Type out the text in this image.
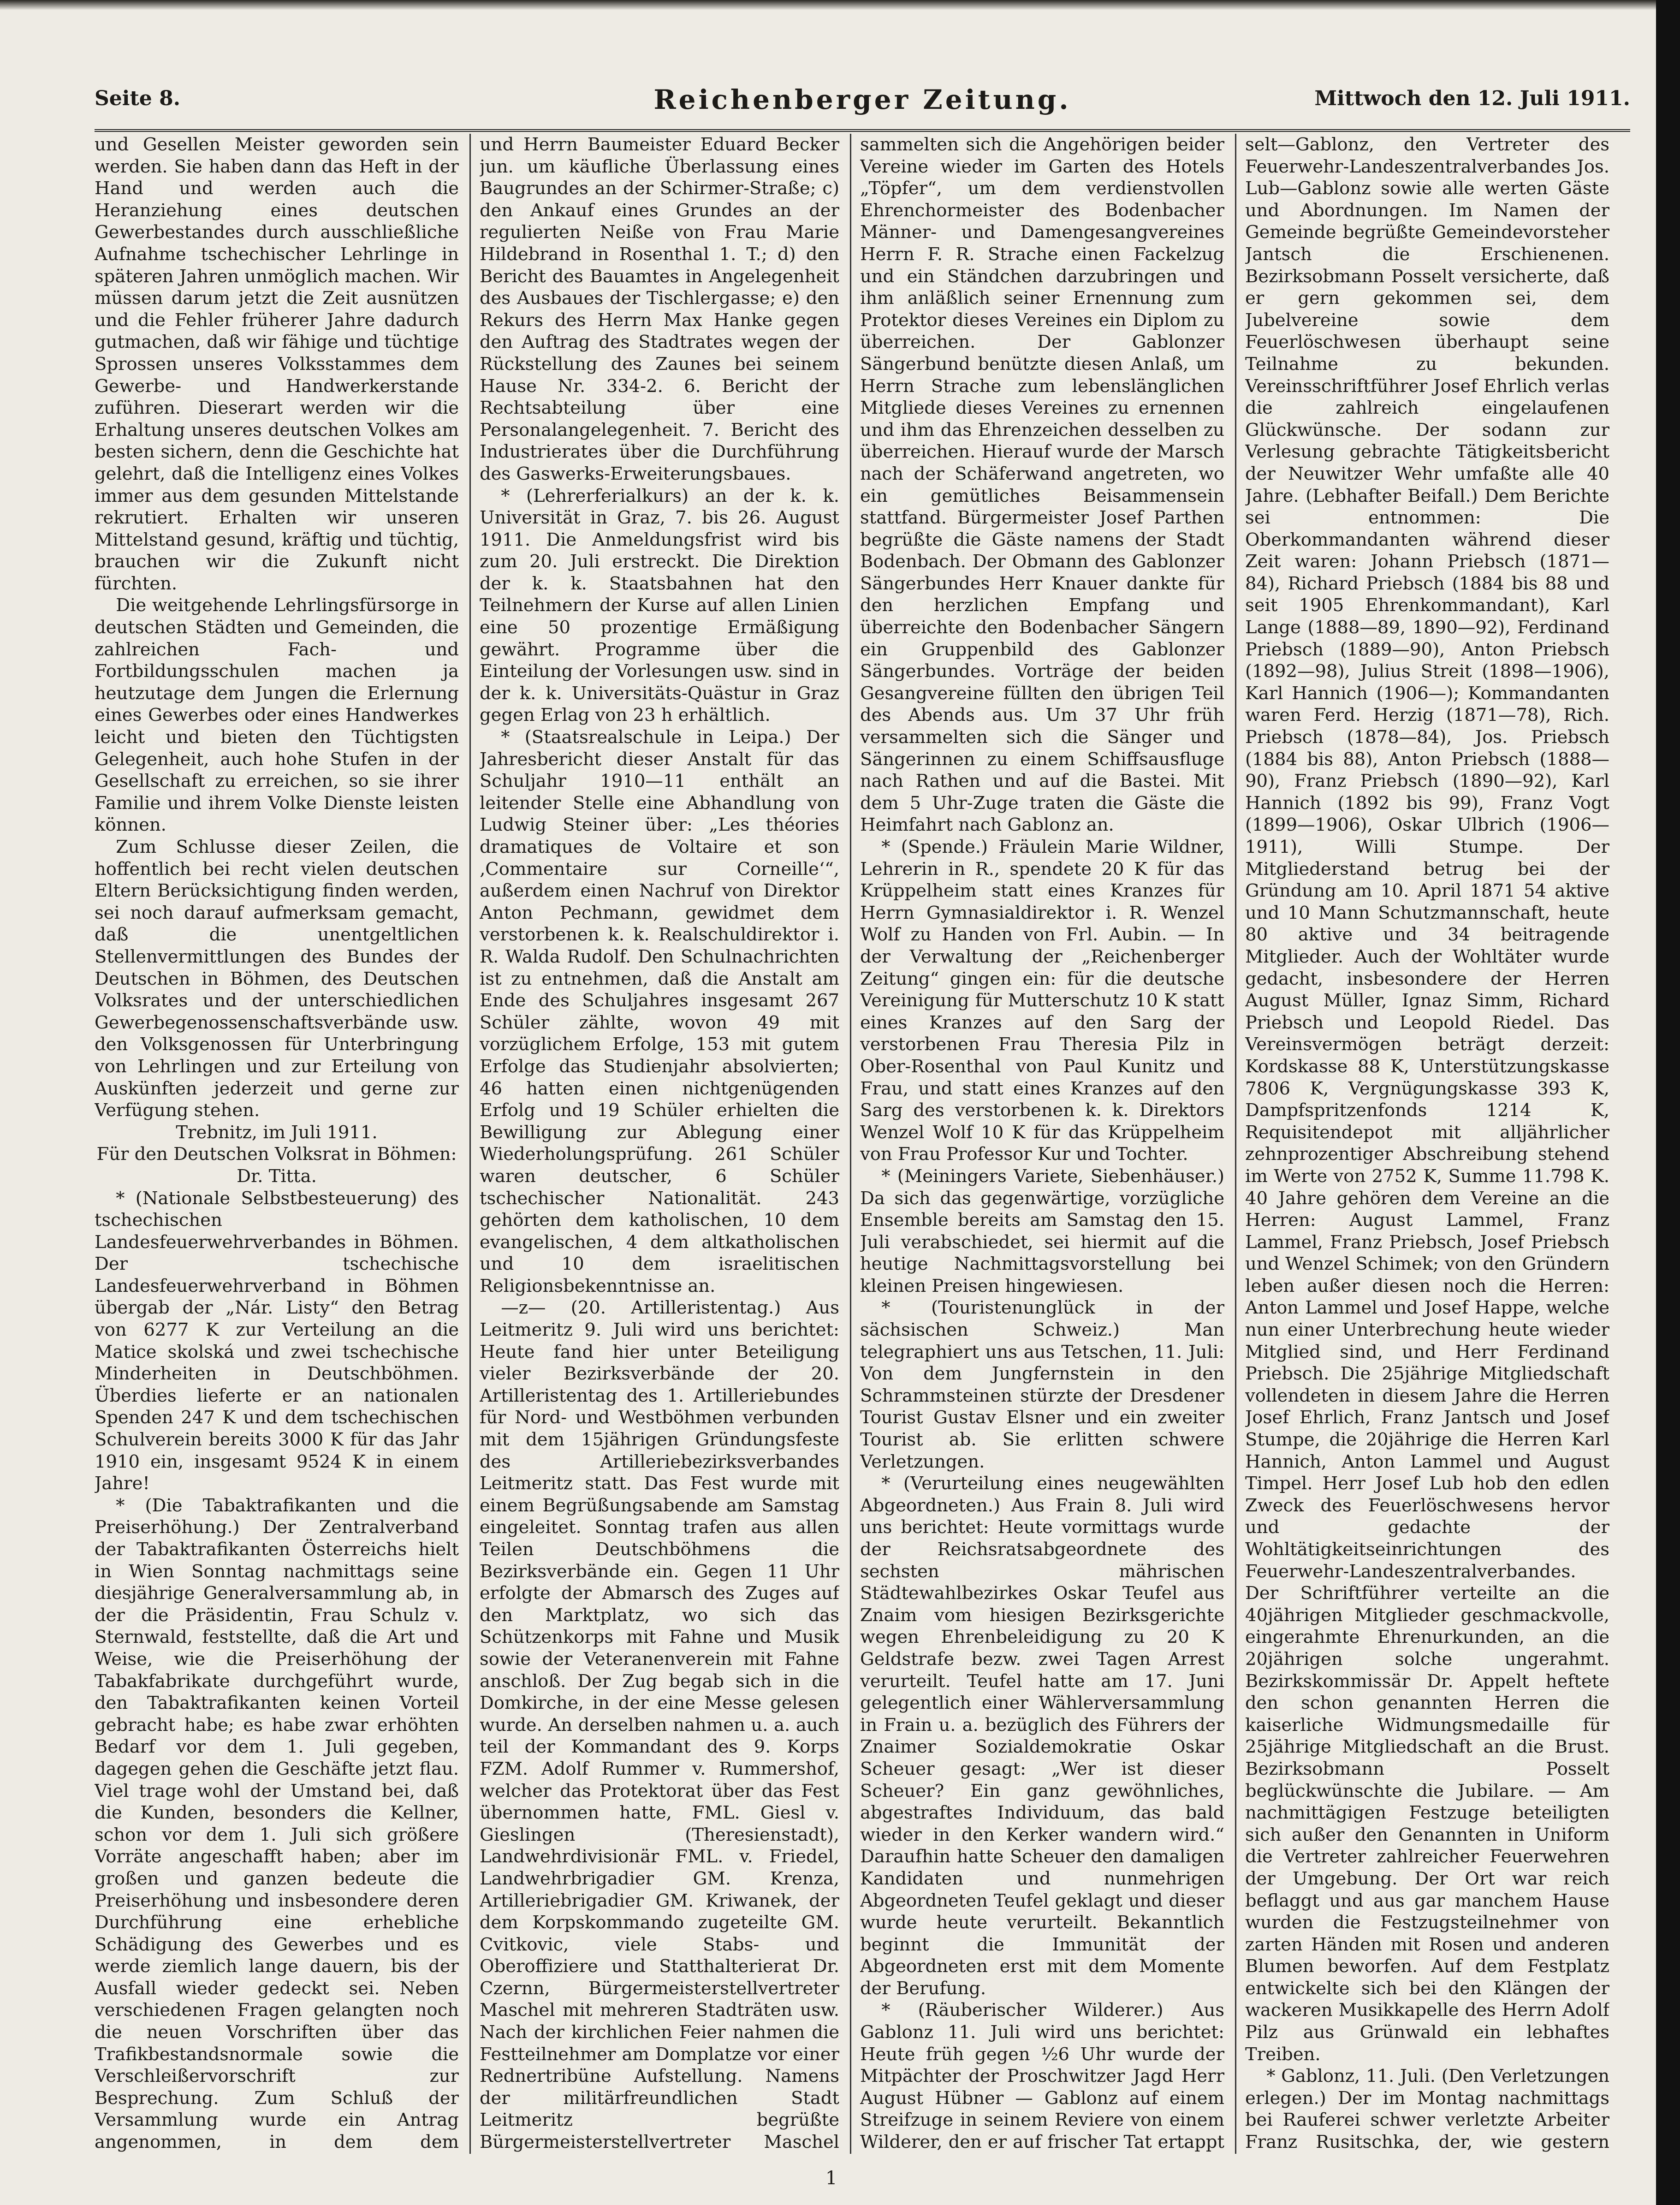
Seite 8.	Reichenberger Zeitung.	Mittwoch den 12. Juli 1911.

und Gesellen Meister geworden sein werden. Sie haben dann das Heft in der Hand und werden auch die Heranziehung eines deutschen Gewerbestandes durch ausschließliche Aufnahme tschechischer Lehrlinge in späteren Jahren unmöglich machen. Wir müssen darum jetzt die Zeit ausnützen und die Fehler früherer Jahre dadurch gutmachen, daß wir fähige und tüchtige Sprossen unseres Volksstammes dem Gewerbe- und Handwerkerstande zuführen. Dieserart werden wir die Erhaltung unseres deutschen Volkes am besten sichern, denn die Geschichte hat gelehrt, daß die Intelligenz eines Volkes immer aus dem gesunden Mittelstande rekrutiert. Erhalten wir unseren Mittelstand gesund, kräftig und tüchtig, brauchen wir die Zukunft nicht fürchten.

Die weitgehende Lehrlingsfürsorge in deutschen Städten und Gemeinden, die zahlreichen Fach- und Fortbildungsschulen machen ja heutzutage dem Jungen die Erlernung eines Gewerbes oder eines Handwerkes leicht und bieten den Tüchtigsten Gelegenheit, auch hohe Stufen in der Gesellschaft zu erreichen, so sie ihrer Familie und ihrem Volke Dienste leisten können.

Zum Schlusse dieser Zeilen, die hoffentlich bei recht vielen deutschen Eltern Berücksichtigung finden werden, sei noch darauf aufmerksam gemacht, daß die unentgeltlichen Stellenvermittlungen des Bundes der Deutschen in Böhmen, des Deutschen Volksrates und der unterschiedlichen Gewerbegenossenschaftsverbände usw. den Volksgenossen für Unterbringung von Lehrlingen und zur Erteilung von Auskünften jederzeit und gerne zur Verfügung stehen.

Trebnitz, im Juli 1911.

Für den Deutschen Volksrat in Böhmen: Dr. Titta.

* (Nationale Selbstbesteuerung) des tschechischen Landesfeuerwehrverbandes in Böhmen. Der tschechische Landesfeuerwehrverband in Böhmen übergab der „Nár. Listy“ den Betrag von 6277 K zur Verteilung an die Matice skolská und zwei tschechische Minderheiten in Deutschböhmen. Überdies lieferte er an nationalen Spenden 247 K und dem tschechischen Schulverein bereits 3000 K für das Jahr 1910 ein, insgesamt 9524 K in einem Jahre!

* (Die Tabaktrafikanten und die Preiserhöhung.) Der Zentralverband der Tabaktrafikanten Österreichs hielt in Wien Sonntag nachmittags seine diesjährige Generalversammlung ab, in der die Präsidentin, Frau Schulz v. Sternwald, feststellte, daß die Art und Weise, wie die Preiserhöhung der Tabakfabrikate durchgeführt wurde, den Tabaktrafikanten keinen Vorteil gebracht habe; es habe zwar erhöhten Bedarf vor dem 1. Juli gegeben, dagegen gehen die Geschäfte jetzt flau. Viel trage wohl der Umstand bei, daß die Kunden, besonders die Kellner, schon vor dem 1. Juli sich größere Vorräte angeschafft haben; aber im großen und ganzen bedeute die Preiserhöhung und insbesondere deren Durchführung eine erhebliche Schädigung des Gewerbes und es werde ziemlich lange dauern, bis der Ausfall wieder gedeckt sei. Neben verschiedenen Fragen gelangten noch die neuen Vorschriften über das Trafikbestandsnormale sowie die Verschleißervorschrift zur Besprechung. Zum Schluß der Versammlung wurde ein Antrag angenommen, in dem dem

und Herrn Baumeister Eduard Becker jun. um käufliche Überlassung eines Baugrundes an der Schirmer-Straße; c) den Ankauf eines Grundes an der regulierten Neiße von Frau Marie Hildebrand in Rosenthal 1. T.; d) den Bericht des Bauamtes in Angelegenheit des Ausbaues der Tischlergasse; e) den Rekurs des Herrn Max Hanke gegen den Auftrag des Stadtrates wegen der Rückstellung des Zaunes bei seinem Hause Nr. 334-2. 6. Bericht der Rechtsabteilung über eine Personalangelegenheit. 7. Bericht des Industrierates über die Durchführung des Gaswerks-Erweiterungsbaues.

* (Lehrerferialkurs) an der k. k. Universität in Graz, 7. bis 26. August 1911. Die Anmeldungsfrist wird bis zum 20. Juli erstreckt. Die Direktion der k. k. Staatsbahnen hat den Teilnehmern der Kurse auf allen Linien eine 50 prozentige Ermäßigung gewährt. Programme über die Einteilung der Vorlesungen usw. sind in der k. k. Universitäts-Quästur in Graz gegen Erlag von 23 h erhältlich.

* (Staatsrealschule in Leipa.) Der Jahresbericht dieser Anstalt für das Schuljahr 1910—11 enthält an leitender Stelle eine Abhandlung von Ludwig Steiner über: „Les théories dramatiques de Voltaire et son ‚Commentaire sur Corneille‘“, außerdem einen Nachruf von Direktor Anton Pechmann, gewidmet dem verstorbenen k. k. Realschuldirektor i. R. Walda Rudolf. Den Schulnachrichten ist zu entnehmen, daß die Anstalt am Ende des Schuljahres insgesamt 267 Schüler zählte, wovon 49 mit vorzüglichem Erfolge, 153 mit gutem Erfolge das Studienjahr absolvierten; 46 hatten einen nichtgenügenden Erfolg und 19 Schüler erhielten die Bewilligung zur Ablegung einer Wiederholungsprüfung. 261 Schüler waren deutscher, 6 Schüler tschechischer Nationalität. 243 gehörten dem katholischen, 10 dem evangelischen, 4 dem altkatholischen und 10 dem israelitischen Religionsbekenntnisse an.

—z— (20. Artilleristentag.) Aus Leitmeritz 9. Juli wird uns berichtet: Heute fand hier unter Beteiligung vieler Bezirksverbände der 20. Artilleristentag des 1. Artilleriebundes für Nord- und Westböhmen verbunden mit dem 15jährigen Gründungsfeste des Artilleriebezirksverbandes Leitmeritz statt. Das Fest wurde mit einem Begrüßungsabende am Samstag eingeleitet. Sonntag trafen aus allen Teilen Deutschböhmens die Bezirksverbände ein. Gegen 11 Uhr erfolgte der Abmarsch des Zuges auf den Marktplatz, wo sich das Schützenkorps mit Fahne und Musik sowie der Veteranenverein mit Fahne anschloß. Der Zug begab sich in die Domkirche, in der eine Messe gelesen wurde. An derselben nahmen u. a. auch teil der Kommandant des 9. Korps FZM. Adolf Rummer v. Rummershof, welcher das Protektorat über das Fest übernommen hatte, FML. Giesl v. Gieslingen (Theresienstadt), Landwehrdivisionär FML. v. Friedel, Landwehrbrigadier GM. Krenza, Artilleriebrigadier GM. Kriwanek, der dem Korpskommando zugeteilte GM. Cvitkovic, viele Stabs- und Oberoffiziere und Statthalterierat Dr. Czernn, Bürgermeisterstellvertreter Maschel mit mehreren Stadträten usw. Nach der kirchlichen Feier nahmen die Festteilnehmer am Domplatze vor einer Rednertribüne Aufstellung. Namens der militärfreundlichen Stadt Leitmeritz begrüßte Bürgermeisterstellvertreter Maschel

sammelten sich die Angehörigen beider Vereine wieder im Garten des Hotels „Töpfer“, um dem verdienstvollen Ehrenchormeister des Bodenbacher Männer- und Damengesangvereines Herrn F. R. Strache einen Fackelzug und ein Ständchen darzubringen und ihm anläßlich seiner Ernennung zum Protektor dieses Vereines ein Diplom zu überreichen. Der Gablonzer Sängerbund benützte diesen Anlaß, um Herrn Strache zum lebenslänglichen Mitgliede dieses Vereines zu ernennen und ihm das Ehrenzeichen desselben zu überreichen. Hierauf wurde der Marsch nach der Schäferwand angetreten, wo ein gemütliches Beisammensein stattfand. Bürgermeister Josef Parthen begrüßte die Gäste namens der Stadt Bodenbach. Der Obmann des Gablonzer Sängerbundes Herr Knauer dankte für den herzlichen Empfang und überreichte den Bodenbacher Sängern ein Gruppenbild des Gablonzer Sängerbundes. Vorträge der beiden Gesangvereine füllten den übrigen Teil des Abends aus. Um 37 Uhr früh versammelten sich die Sänger und Sängerinnen zu einem Schiffsausfluge nach Rathen und auf die Bastei. Mit dem 5 Uhr-Zuge traten die Gäste die Heimfahrt nach Gablonz an.

* (Spende.) Fräulein Marie Wildner, Lehrerin in R., spendete 20 K für das Krüppelheim statt eines Kranzes für Herrn Gymnasialdirektor i. R. Wenzel Wolf zu Handen von Frl. Aubin. — In der Verwaltung der „Reichenberger Zeitung“ gingen ein: für die deutsche Vereinigung für Mutterschutz 10 K statt eines Kranzes auf den Sarg der verstorbenen Frau Theresia Pilz in Ober-Rosenthal von Paul Kunitz und Frau, und statt eines Kranzes auf den Sarg des verstorbenen k. k. Direktors Wenzel Wolf 10 K für das Krüppelheim von Frau Professor Kur und Tochter.

* (Meiningers Variete, Siebenhäuser.) Da sich das gegenwärtige, vorzügliche Ensemble bereits am Samstag den 15. Juli verabschiedet, sei hiermit auf die heutige Nachmittagsvorstellung bei kleinen Preisen hingewiesen.

* (Touristenunglück in der sächsischen Schweiz.) Man telegraphiert uns aus Tetschen, 11. Juli: Von dem Jungfernstein in den Schrammsteinen stürzte der Dresdener Tourist Gustav Elsner und ein zweiter Tourist ab. Sie erlitten schwere Verletzungen.

* (Verurteilung eines neugewählten Abgeordneten.) Aus Frain 8. Juli wird uns berichtet: Heute vormittags wurde der Reichsratsabgeordnete des sechsten mährischen Städtewahlbezirkes Oskar Teufel aus Znaim vom hiesigen Bezirksgerichte wegen Ehrenbeleidigung zu 20 K Geldstrafe bezw. zwei Tagen Arrest verurteilt. Teufel hatte am 17. Juni gelegentlich einer Wählerversammlung in Frain u. a. bezüglich des Führers der Znaimer Sozialdemokratie Oskar Scheuer gesagt: „Wer ist dieser Scheuer? Ein ganz gewöhnliches, abgestraftes Individuum, das bald wieder in den Kerker wandern wird.“ Daraufhin hatte Scheuer den damaligen Kandidaten und nunmehrigen Abgeordneten Teufel geklagt und dieser wurde heute verurteilt. Bekanntlich beginnt die Immunität der Abgeordneten erst mit dem Momente der Berufung.

* (Räuberischer Wilderer.) Aus Gablonz 11. Juli wird uns berichtet: Heute früh gegen ½6 Uhr wurde der Mitpächter der Proschwitzer Jagd Herr August Hübner — Gablonz auf einem Streifzuge in seinem Reviere von einem Wilderer, den er auf frischer Tat ertappt

selt—Gablonz, den Vertreter des Feuerwehr-Landeszentralverbandes Jos. Lub—Gablonz sowie alle werten Gäste und Abordnungen. Im Namen der Gemeinde begrüßte Gemeindevorsteher Jantsch die Erschienenen. Bezirksobmann Posselt versicherte, daß er gern gekommen sei, dem Jubelvereine sowie dem Feuerlöschwesen überhaupt seine Teilnahme zu bekunden. Vereinsschriftführer Josef Ehrlich verlas die zahlreich eingelaufenen Glückwünsche. Der sodann zur Verlesung gebrachte Tätigkeitsbericht der Neuwitzer Wehr umfaßte alle 40 Jahre. (Lebhafter Beifall.) Dem Berichte sei entnommen: Die Oberkommandanten während dieser Zeit waren: Johann Priebsch (1871—84), Richard Priebsch (1884 bis 88 und seit 1905 Ehrenkommandant), Karl Lange (1888—89, 1890—92), Ferdinand Priebsch (1889—90), Anton Priebsch (1892—98), Julius Streit (1898—1906), Karl Hannich (1906—); Kommandanten waren Ferd. Herzig (1871—78), Rich. Priebsch (1878—84), Jos. Priebsch (1884 bis 88), Anton Priebsch (1888—90), Franz Priebsch (1890—92), Karl Hannich (1892 bis 99), Franz Vogt (1899—1906), Oskar Ulbrich (1906—1911), Willi Stumpe. Der Mitgliederstand betrug bei der Gründung am 10. April 1871 54 aktive und 10 Mann Schutzmannschaft, heute 80 aktive und 34 beitragende Mitglieder. Auch der Wohltäter wurde gedacht, insbesondere der Herren August Müller, Ignaz Simm, Richard Priebsch und Leopold Riedel. Das Vereinsvermögen beträgt derzeit: Kordskasse 88 K, Unterstützungskasse 7806 K, Vergnügungskasse 393 K, Dampfspritzenfonds 1214 K, Requisitendepot mit alljährlicher zehnprozentiger Abschreibung stehend im Werte von 2752 K, Summe 11.798 K. 40 Jahre gehören dem Vereine an die Herren: August Lammel, Franz Lammel, Franz Priebsch, Josef Priebsch und Wenzel Schimek; von den Gründern leben außer diesen noch die Herren: Anton Lammel und Josef Happe, welche nun einer Unterbrechung heute wieder Mitglied sind, und Herr Ferdinand Priebsch. Die 25jährige Mitgliedschaft vollendeten in diesem Jahre die Herren Josef Ehrlich, Franz Jantsch und Josef Stumpe, die 20jährige die Herren Karl Hannich, Anton Lammel und August Timpel. Herr Josef Lub hob den edlen Zweck des Feuerlöschwesens hervor und gedachte der Wohltätigkeitseinrichtungen des Feuerwehr-Landeszentralverbandes. Der Schriftführer verteilte an die 40jährigen Mitglieder geschmackvolle, eingerahmte Ehrenurkunden, an die 20jährigen solche ungerahmt. Bezirkskommissär Dr. Appelt heftete den schon genannten Herren die kaiserliche Widmungsmedaille für 25jährige Mitgliedschaft an die Brust. Bezirksobmann Posselt beglückwünschte die Jubilare. — Am nachmittägigen Festzuge beteiligten sich außer den Genannten in Uniform die Vertreter zahlreicher Feuerwehren der Umgebung. Der Ort war reich beflaggt und aus gar manchem Hause wurden die Festzugsteilnehmer von zarten Händen mit Rosen und anderen Blumen beworfen. Auf dem Festplatz entwickelte sich bei den Klängen der wackeren Musikkapelle des Herrn Adolf Pilz aus Grünwald ein lebhaftes Treiben.

* Gablonz, 11. Juli. (Den Verletzungen erlegen.) Der im Montag nachmittags bei Rauferei schwer verletzte Arbeiter Franz Rusitschka, der, wie gestern

1
